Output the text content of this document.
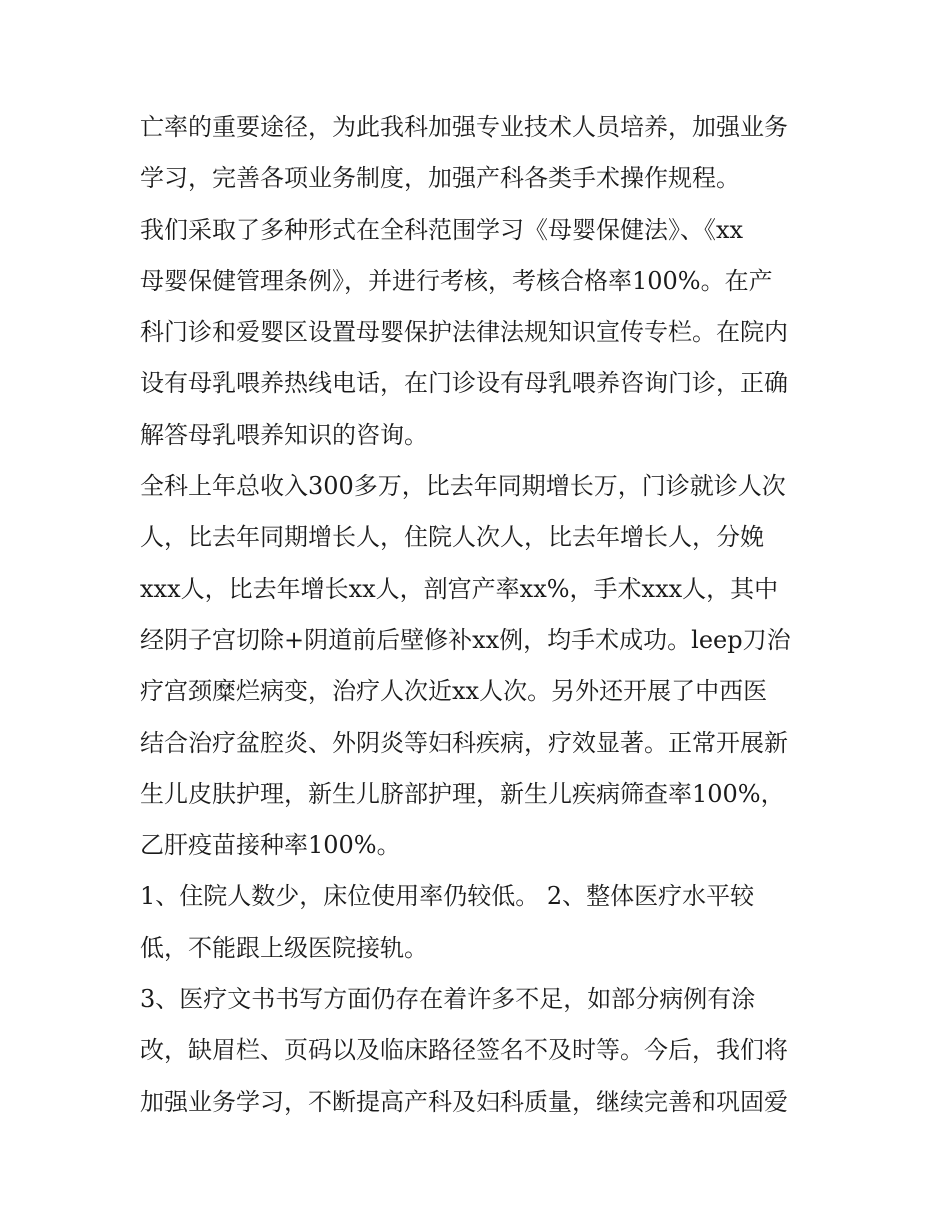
亡率的重要途径，为此我科加强专业技术人员培养，加强业务

学习，完善各项业务制度，加强产科各类手术操作规程。

我们采取了多种形式在全科范围学习《母婴保健法》、《xx

母婴保健管理条例》，并进行考核，考核合格率100%。在产

科门诊和爱婴区设置母婴保护法律法规知识宣传专栏。在院内

设有母乳喂养热线电话，在门诊设有母乳喂养咨询门诊，正确

解答母乳喂养知识的咨询。

全科上年总收入300多万，比去年同期增长万，门诊就诊人次

人，比去年同期增长人，住院人次人，比去年增长人，分娩

xxx人，比去年增长xx人，剖宫产率xx%，手术xxx人，其中

经阴子宫切除+阴道前后壁修补xx例，均手术成功。leep刀治

疗宫颈糜烂病变，治疗人次近xx人次。另外还开展了中西医

结合治疗盆腔炎、外阴炎等妇科疾病，疗效显著。正常开展新

生儿皮肤护理，新生儿脐部护理，新生儿疾病筛查率100%，

乙肝疫苗接种率100%。

1、住院人数少，床位使用率仍较低。 2、整体医疗水平较

低，不能跟上级医院接轨。

3、医疗文书书写方面仍存在着许多不足，如部分病例有涂

改，缺眉栏、页码以及临床路径签名不及时等。今后，我们将

加强业务学习，不断提高产科及妇科质量，继续完善和巩固爱
